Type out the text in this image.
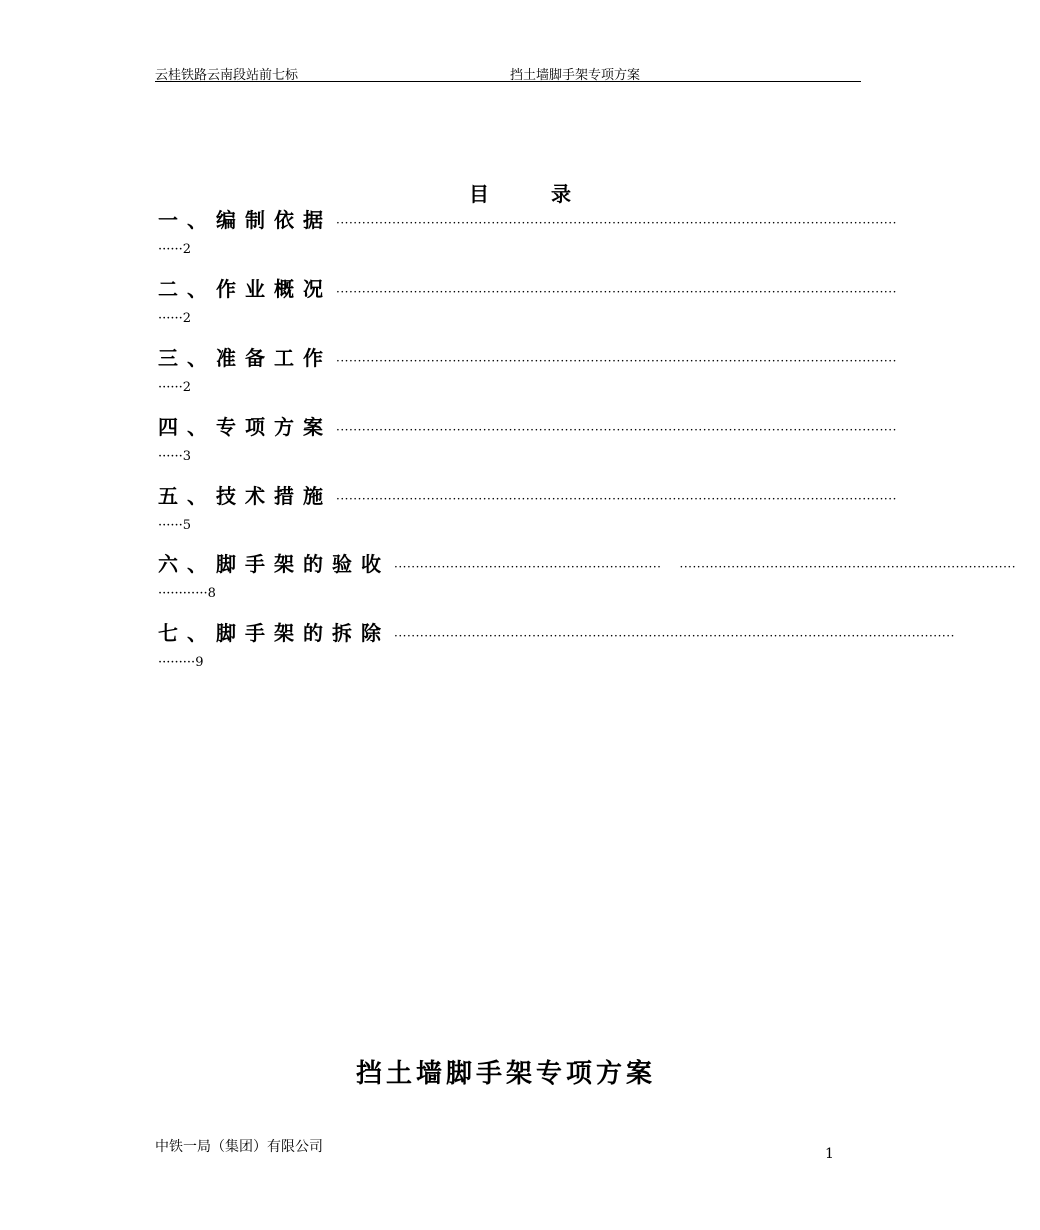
云桂铁路云南段站前七标	挡土墙脚手架专项方案
目	录
一、编制依据 ··································································································································
······2
二、作业概况 ··································································································································
······2
三、准备工作 ··································································································································
······2
四、专项方案 ··································································································································
······3
五、技术措施 ··································································································································
······5
六、脚手架的验收 ······························································ ··············································································
············8
七、脚手架的拆除 ··································································································································
·········9
挡土墙脚手架专项方案
中铁一局（集团）有限公司	1
